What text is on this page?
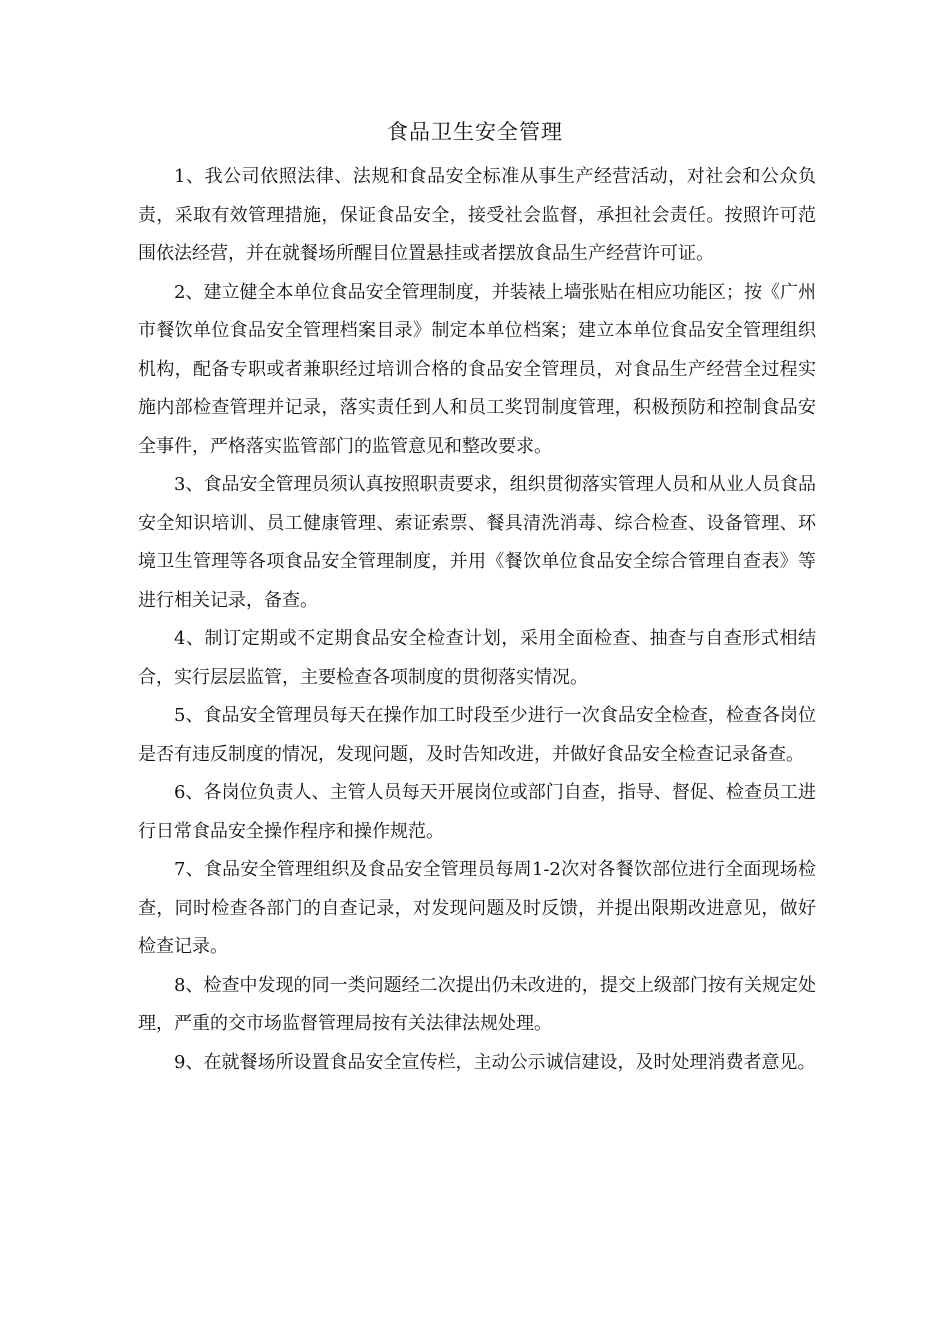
食品卫生安全管理

1、我公司依照法律、法规和食品安全标准从事生产经营活动，对社会和公众负责，采取有效管理措施，保证食品安全，接受社会监督，承担社会责任。按照许可范围依法经营，并在就餐场所醒目位置悬挂或者摆放食品生产经营许可证。

2、建立健全本单位食品安全管理制度，并装裱上墙张贴在相应功能区；按《广州市餐饮单位食品安全管理档案目录》制定本单位档案；建立本单位食品安全管理组织机构，配备专职或者兼职经过培训合格的食品安全管理员，对食品生产经营全过程实施内部检查管理并记录，落实责任到人和员工奖罚制度管理，积极预防和控制食品安全事件，严格落实监管部门的监管意见和整改要求。

3、食品安全管理员须认真按照职责要求，组织贯彻落实管理人员和从业人员食品安全知识培训、员工健康管理、索证索票、餐具清洗消毒、综合检查、设备管理、环境卫生管理等各项食品安全管理制度，并用《餐饮单位食品安全综合管理自查表》等进行相关记录，备查。

4、制订定期或不定期食品安全检查计划，采用全面检查、抽查与自查形式相结合，实行层层监管，主要检查各项制度的贯彻落实情况。

5、食品安全管理员每天在操作加工时段至少进行一次食品安全检查，检查各岗位是否有违反制度的情况，发现问题，及时告知改进，并做好食品安全检查记录备查。

6、各岗位负责人、主管人员每天开展岗位或部门自查，指导、督促、检查员工进行日常食品安全操作程序和操作规范。

7、食品安全管理组织及食品安全管理员每周1-2次对各餐饮部位进行全面现场检查，同时检查各部门的自查记录，对发现问题及时反馈，并提出限期改进意见，做好检查记录。

8、检查中发现的同一类问题经二次提出仍未改进的，提交上级部门按有关规定处理，严重的交市场监督管理局按有关法律法规处理。

9、在就餐场所设置食品安全宣传栏，主动公示诚信建设，及时处理消费者意见。
